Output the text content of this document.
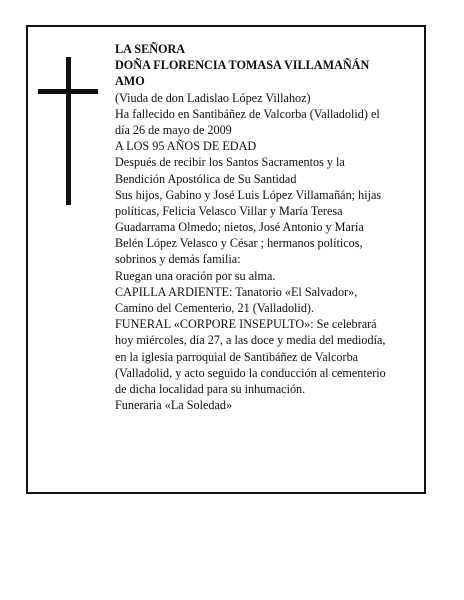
LA SEÑORA
DOÑA FLORENCIA TOMASA VILLAMAÑÁN
AMO
(Viuda de don Ladislao López Villahoz)
Ha fallecido en Santibáñez de Valcorba (Valladolid) el
día 26 de mayo de 2009
A LOS 95 AÑOS DE EDAD
Después de recibir los Santos Sacramentos y la
Bendición Apostólica de Su Santidad
Sus hijos, Gabino y José Luis López Villamañán; hijas
políticas, Felicia Velasco Villar y María Teresa
Guadarrama Olmedo; nietos, José Antonio y María
Belén López Velasco y César ; hermanos políticos,
sobrinos y demás familia:
Ruegan una oración por su alma.
CAPILLA ARDIENTE: Tanatorio «El Salvador»,
Camino del Cementerio, 21 (Valladolid).
FUNERAL «CORPORE INSEPULTO»: Se celebrará
hoy miércoles, día 27, a las doce y media del mediodía,
en la iglesia parroquial de Santibáñez de Valcorba
(Valladolid, y acto seguido la conducción al cementerio
de dicha localidad para su inhumación.
Funeraria «La Soledad»
